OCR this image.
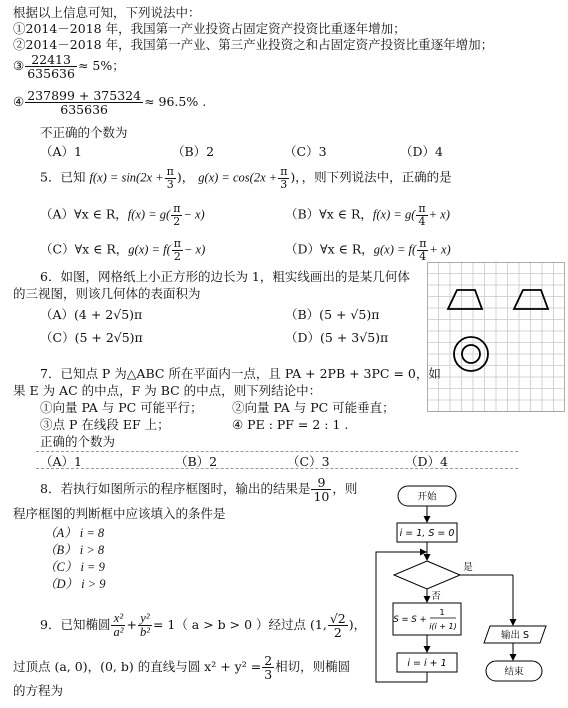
根据以上信息可知，下列说法中：
①2014－2018 年，我国第一产业投资占固定资产投资比重逐年增加；
②2014－2018 年，我国第一产业、第三产业投资之和占固定资产投资比重逐年增加；
③ $\frac{22413}{635636} \approx 5\%$；
④ $\frac{237899 + 375324}{635636} \approx 96.5\%$ .
不正确的个数为
（A）1	（B）2	（C）3	（D）4
5．已知 $f(x) = \sin(2x + \frac{\pi}{3}$ )， $g(x) = \cos(2x + \frac{\pi}{3}$ )，，则下列说法中，正确的是
（A）∀x ∈ R，$f(x) = g( \frac{\pi}{2} - x)$	（B）∀x ∈ R，$f(x) = g( \frac{\pi}{4} + x)$
（C）∀x ∈ R，$g(x) = f( \frac{\pi}{2} - x)$	（D）∀x ∈ R，$g(x) = f( \frac{\pi}{4} + x)$
6．如图，网格纸上小正方形的边长为 1，粗实线画出的是某几何体
的三视图，则该几何体的表面积为
（A）(4 + 2√5)π	（B）(5 + √5)π
（C）(5 + 2√5)π	（D）(5 + 3√5)π
7．已知点 P 为△ABC 所在平面内一点，且 PA + 2PB + 3PC = 0，如
果 E 为 AC 的中点，F 为 BC 的中点，则下列结论中：
①向量 PA 与 PC 可能平行； ②向量 PA 与 PC 可能垂直；
③点 P 在线段 EF 上；	④ PE : PF = 2 : 1 .
正确的个数为
（A）1	（B）2	（C）3	（D）4
8．若执行如图所示的程序框图时，输出的结果是 $\frac{9}{10}$ ，则
程序框图的判断框中应该填入的条件是
（A） i = 8
（B） i > 8
（C） i = 9
（D） i > 9
开始
i = 1, S = 0
是
否
S = S +
1
i(i + 1)
i = i + 1
输出 S
结束
9．已知椭圆 $\frac{\text{x²}}{\text{a²}} + \frac{\text{y²}}{\text{b²}} = 1$（ a > b > 0 ）经过点 (1, $\frac{√2}{2}$ )，
过顶点 (a, 0)，(0, b) 的直线与圆 $x^2 + y^2 = \frac{2}{3}$ 相切，则椭圆
的方程为
